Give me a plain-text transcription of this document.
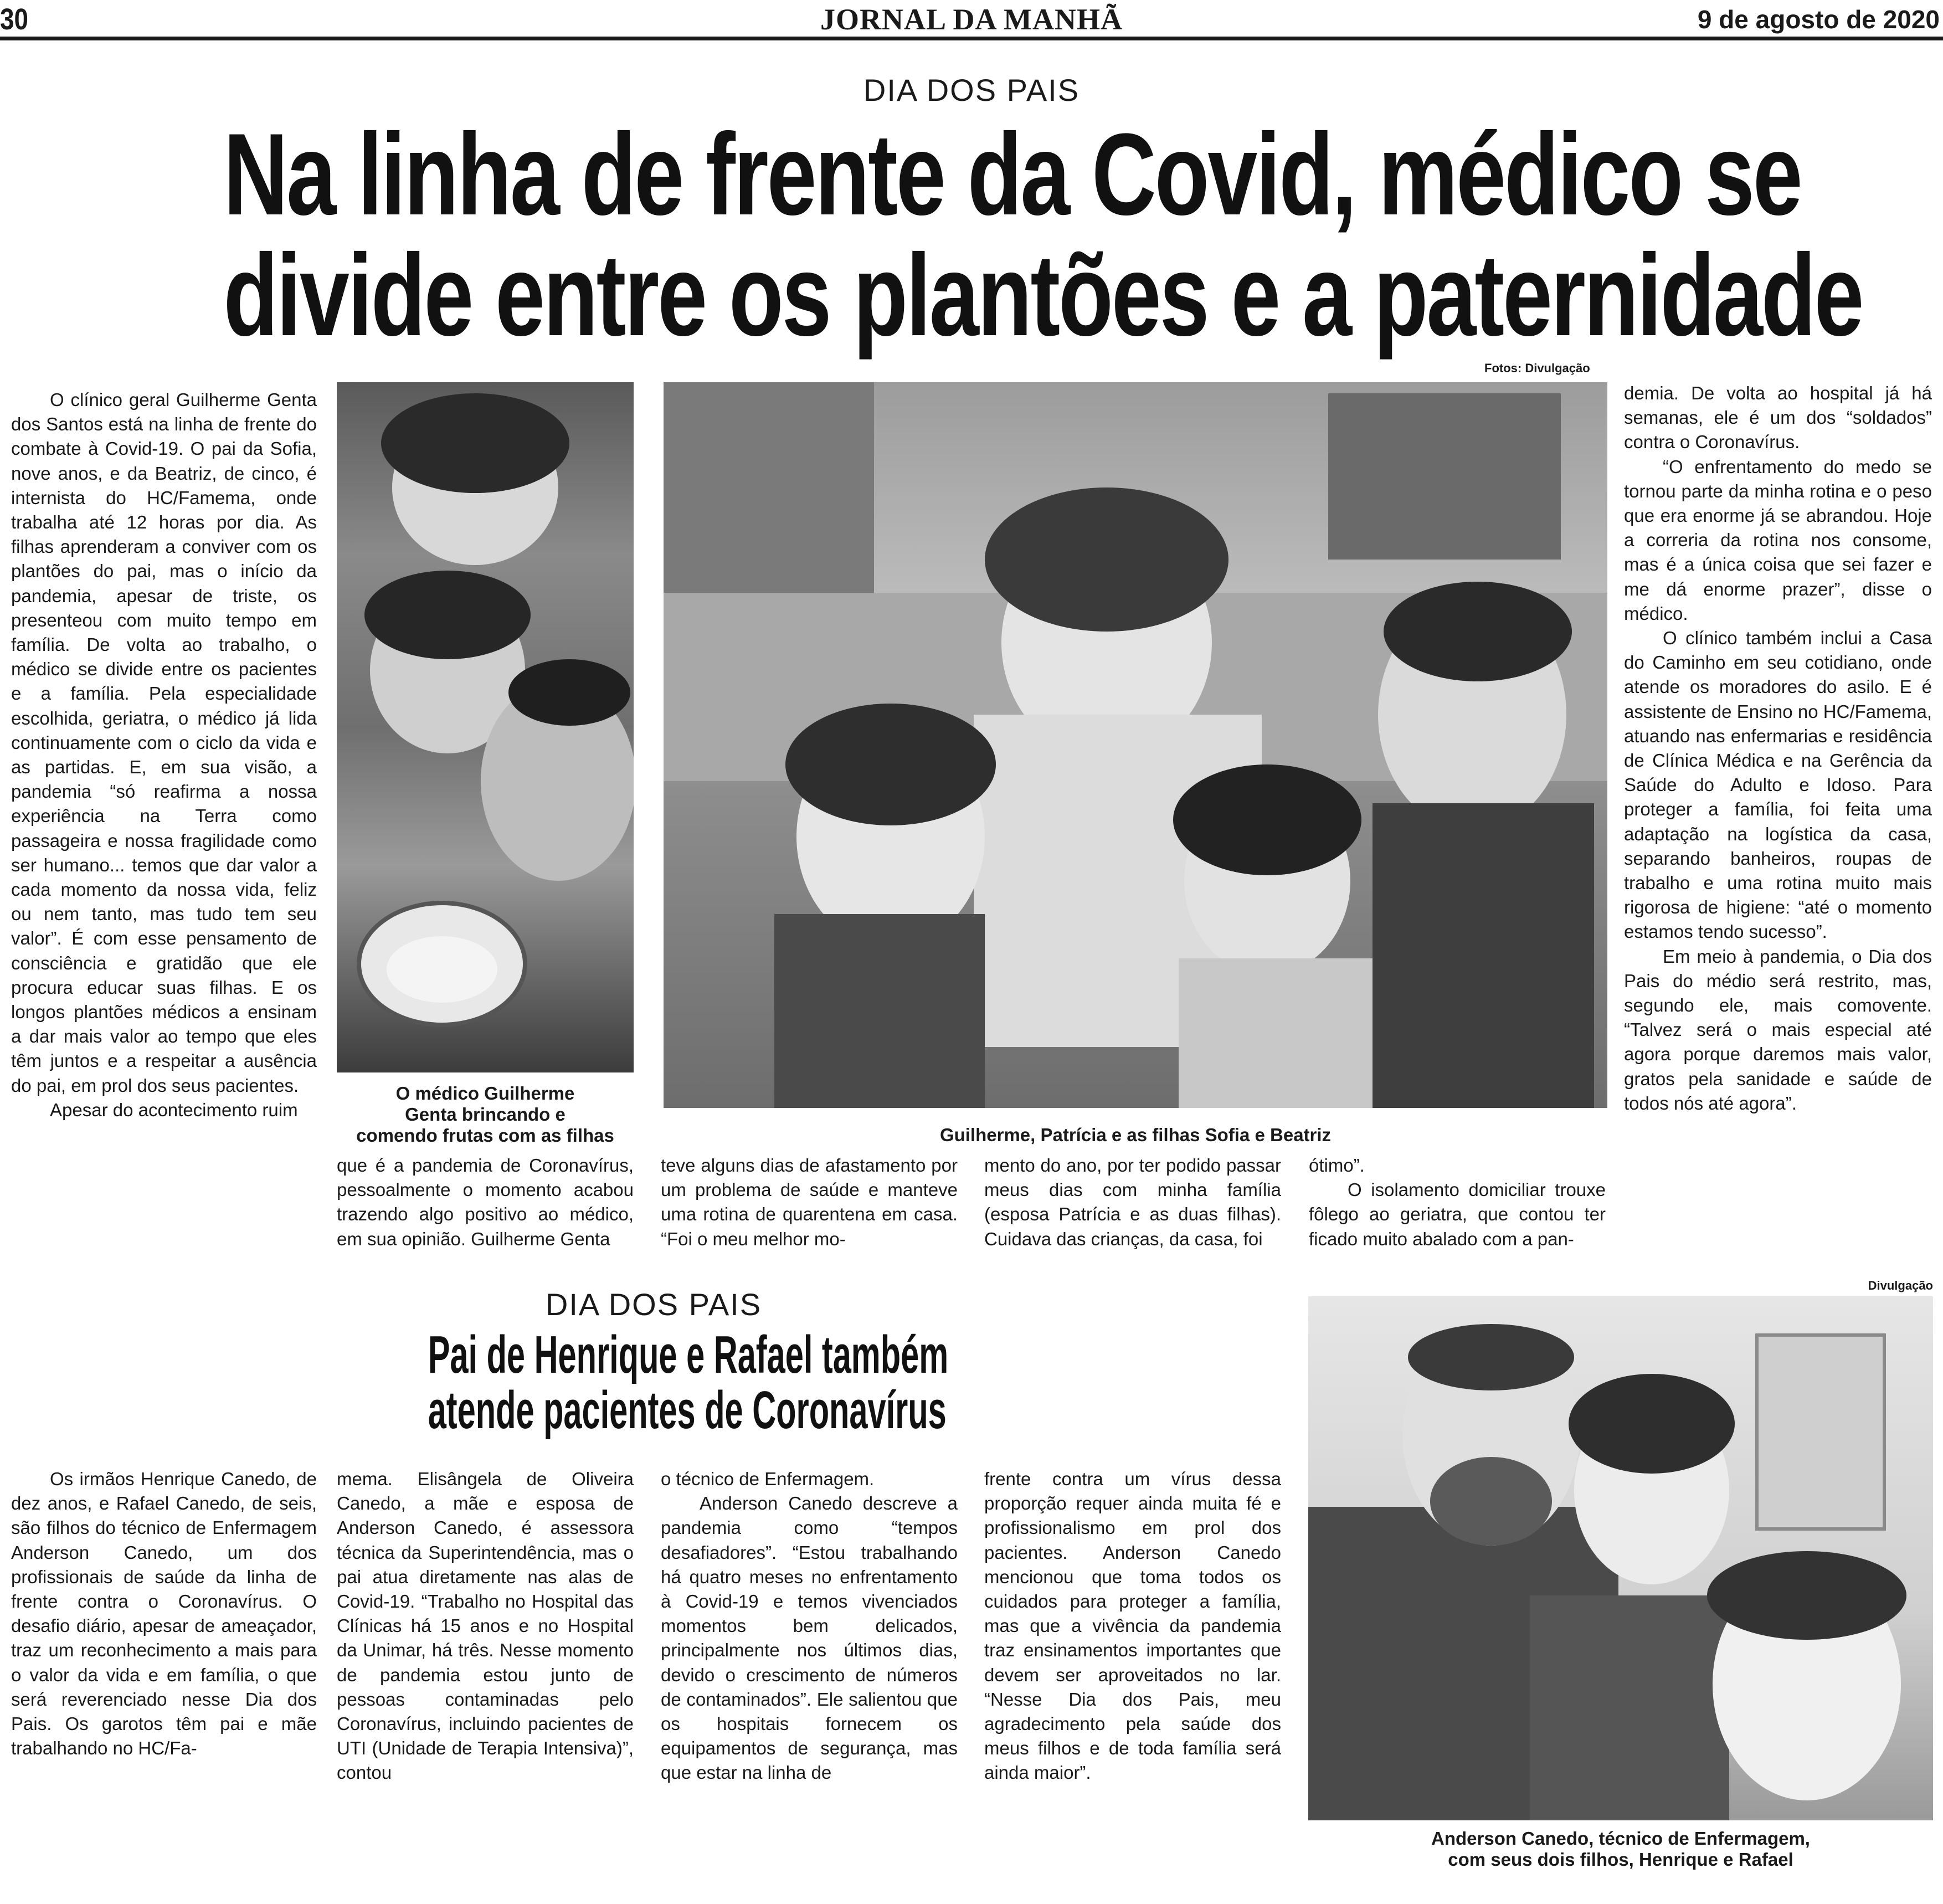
30	JORNAL DA MANHÃ	9 de agosto de 2020
DIA DOS PAIS
Na linha de frente da Covid, médico se
divide entre os plantões e a paternidade
Fotos: Divulgação

O clínico geral Guilherme Genta dos Santos está na linha de frente do combate à Covid-19. O pai da Sofia, nove anos, e da Beatriz, de cinco, é internista do HC/Famema, onde trabalha até 12 horas por dia. As filhas aprenderam a conviver com os plantões do pai, mas o início da pandemia, apesar de triste, os presenteou com muito tempo em família. De volta ao trabalho, o médico se divide entre os pacientes e a família. Pela especialidade escolhida, geriatra, o médico já lida continuamente com o ciclo da vida e as partidas. E, em sua visão, a pandemia “só reafirma a nossa experiência na Terra como passageira e nossa fragilidade como ser humano... temos que dar valor a cada momento da nossa vida, feliz ou nem tanto, mas tudo tem seu valor”. É com esse pensamento de consciência e gratidão que ele procura educar suas filhas. E os longos plantões médicos a ensinam a dar mais valor ao tempo que eles têm juntos e a respeitar a ausência do pai, em prol dos seus pacientes.

Apesar do acontecimento ruim

O médico Guilherme
Genta brincando e
comendo frutas com as filhas	Guilherme, Patrícia e as filhas Sofia e Beatriz

que é a pandemia de Coronavírus, pessoalmente o momento acabou trazendo algo positivo ao médico, em sua opinião. Guilherme Genta

teve alguns dias de afastamento por um problema de saúde e manteve uma rotina de quarentena em casa. “Foi o meu melhor mo-

mento do ano, por ter podido passar meus dias com minha família (esposa Patrícia e as duas filhas). Cuidava das crianças, da casa, foi

ótimo”.

O isolamento domiciliar trouxe fôlego ao geriatra, que contou ter ficado muito abalado com a pan-

demia. De volta ao hospital já há semanas, ele é um dos “soldados” contra o Coronavírus.

“O enfrentamento do medo se tornou parte da minha rotina e o peso que era enorme já se abrandou. Hoje a correria da rotina nos consome, mas é a única coisa que sei fazer e me dá enorme prazer”, disse o médico.

O clínico também inclui a Casa do Caminho em seu cotidiano, onde atende os moradores do asilo. E é assistente de Ensino no HC/Famema, atuando nas enfermarias e residência de Clínica Médica e na Gerência da Saúde do Adulto e Idoso. Para proteger a família, foi feita uma adaptação na logística da casa, separando banheiros, roupas de trabalho e uma rotina muito mais rigorosa de higiene: “até o momento estamos tendo sucesso”.

Em meio à pandemia, o Dia dos Pais do médio será restrito, mas, segundo ele, mais comovente. “Talvez será o mais especial até agora porque daremos mais valor, gratos pela sanidade e saúde de todos nós até agora”.

DIA DOS PAIS
Pai de Henrique e Rafael também
atende pacientes de Coronavírus
Divulgação

Os irmãos Henrique Canedo, de dez anos, e Rafael Canedo, de seis, são filhos do técnico de Enfermagem Anderson Canedo, um dos profissionais de saúde da linha de frente contra o Coronavírus. O desafio diário, apesar de ameaçador, traz um reconhecimento a mais para o valor da vida e em família, o que será reverenciado nesse Dia dos Pais. Os garotos têm pai e mãe trabalhando no HC/Fa-

mema. Elisângela de Oliveira Canedo, a mãe e esposa de Anderson Canedo, é assessora técnica da Superintendência, mas o pai atua diretamente nas alas de Covid-19. “Trabalho no Hospital das Clínicas há 15 anos e no Hospital da Unimar, há três. Nesse momento de pandemia estou junto de pessoas contaminadas pelo Coronavírus, incluindo pacientes de UTI (Unidade de Terapia Intensiva)”, contou

o técnico de Enfermagem.

Anderson Canedo descreve a pandemia como “tempos desafiadores”. “Estou trabalhando há quatro meses no enfrentamento à Covid-19 e temos vivenciados momentos bem delicados, principalmente nos últimos dias, devido o crescimento de números de contaminados”. Ele salientou que os hospitais fornecem os equipamentos de segurança, mas que estar na linha de

frente contra um vírus dessa proporção requer ainda muita fé e profissionalismo em prol dos pacientes. Anderson Canedo mencionou que toma todos os cuidados para proteger a família, mas que a vivência da pandemia traz ensinamentos importantes que devem ser aproveitados no lar. “Nesse Dia dos Pais, meu agradecimento pela saúde dos meus filhos e de toda família será ainda maior”.

Anderson Canedo, técnico de Enfermagem,
com seus dois filhos, Henrique e Rafael
